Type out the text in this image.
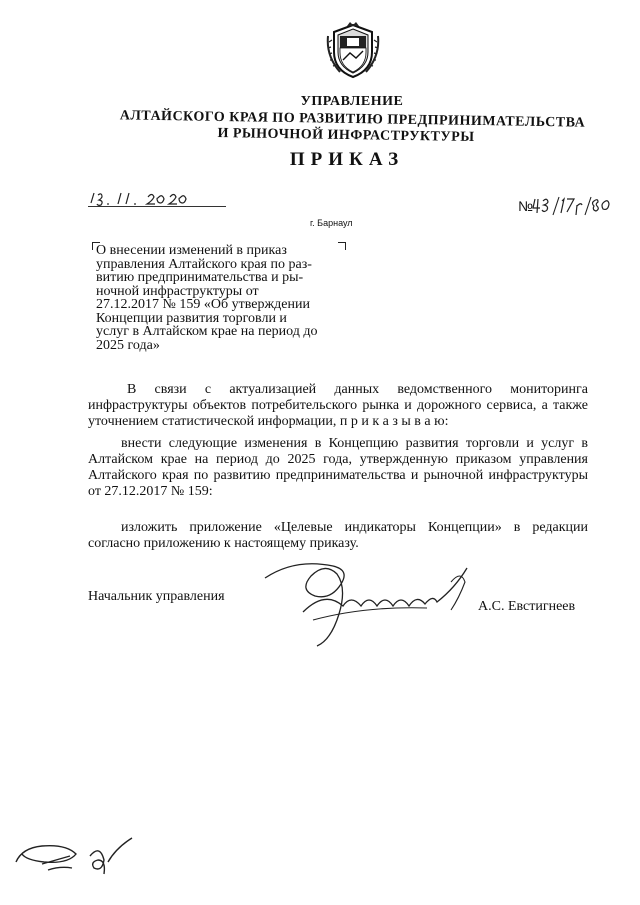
УПРАВЛЕНИЕ
АЛТАЙСКОГО КРАЯ ПО РАЗВИТИЮ ПРЕДПРИНИМАТЕЛЬСТВА
И РЫНОЧНОЙ ИНФРАСТРУКТУРЫ
ПРИКАЗ
г. Барнаул
№
О внесении изменений в приказ
управления Алтайского края по раз-
витию предпринимательства и ры-
ночной инфраструктуры от
27.12.2017 № 159 «Об утверждении
Концепции развития торговли и
услуг в Алтайском крае на период до
2025 года»
В связи с актуализацией данных ведомственного мониторинга инфраструктуры объектов потребительского рынка и дорожного сервиса, а также уточнением статистической информации, п р и к а з ы в а ю:
внести следующие изменения в Концепцию развития торговли и услуг в Алтайском крае на период до 2025 года, утвержденную приказом управления Алтайского края по развитию предпринимательства и рыночной инфраструктуры от 27.12.2017 № 159:
изложить приложение «Целевые индикаторы Концепции» в редакции согласно приложению к настоящему приказу.
Начальник управления
А.С. Евстигнеев
